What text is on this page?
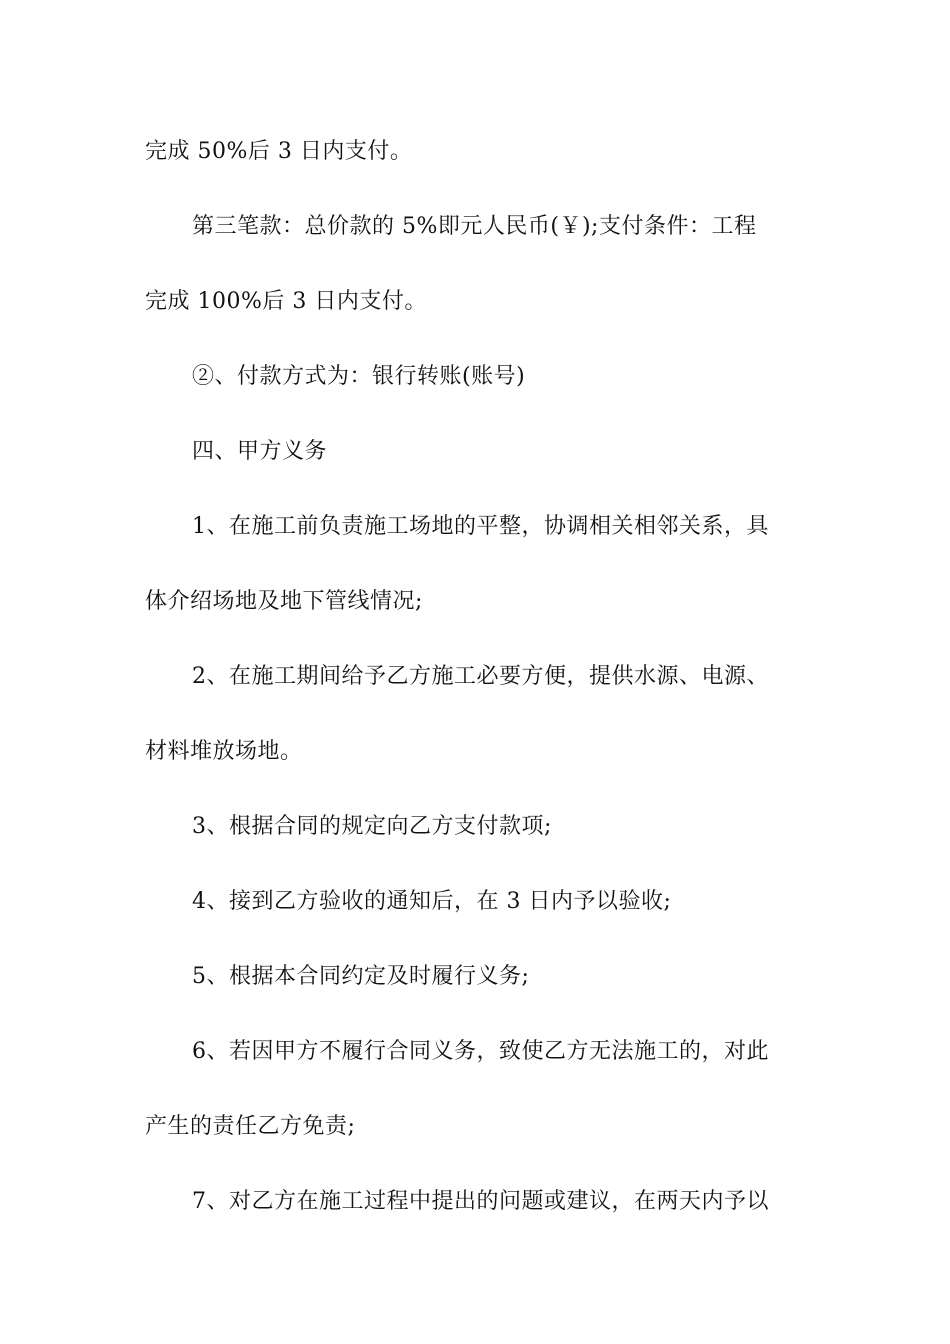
完成 50%后 3 日内支付。
第三笔款：总价款的 5%即元人民币(￥);支付条件：工程
完成 100%后 3 日内支付。
②、付款方式为：银行转账(账号)
四、甲方义务
1、在施工前负责施工场地的平整，协调相关相邻关系，具
体介绍场地及地下管线情况;
2、在施工期间给予乙方施工必要方便，提供水源、电源、
材料堆放场地。
3、根据合同的规定向乙方支付款项;
4、接到乙方验收的通知后，在 3 日内予以验收;
5、根据本合同约定及时履行义务;
6、若因甲方不履行合同义务，致使乙方无法施工的，对此
产生的责任乙方免责;
7、对乙方在施工过程中提出的问题或建议，在两天内予以
